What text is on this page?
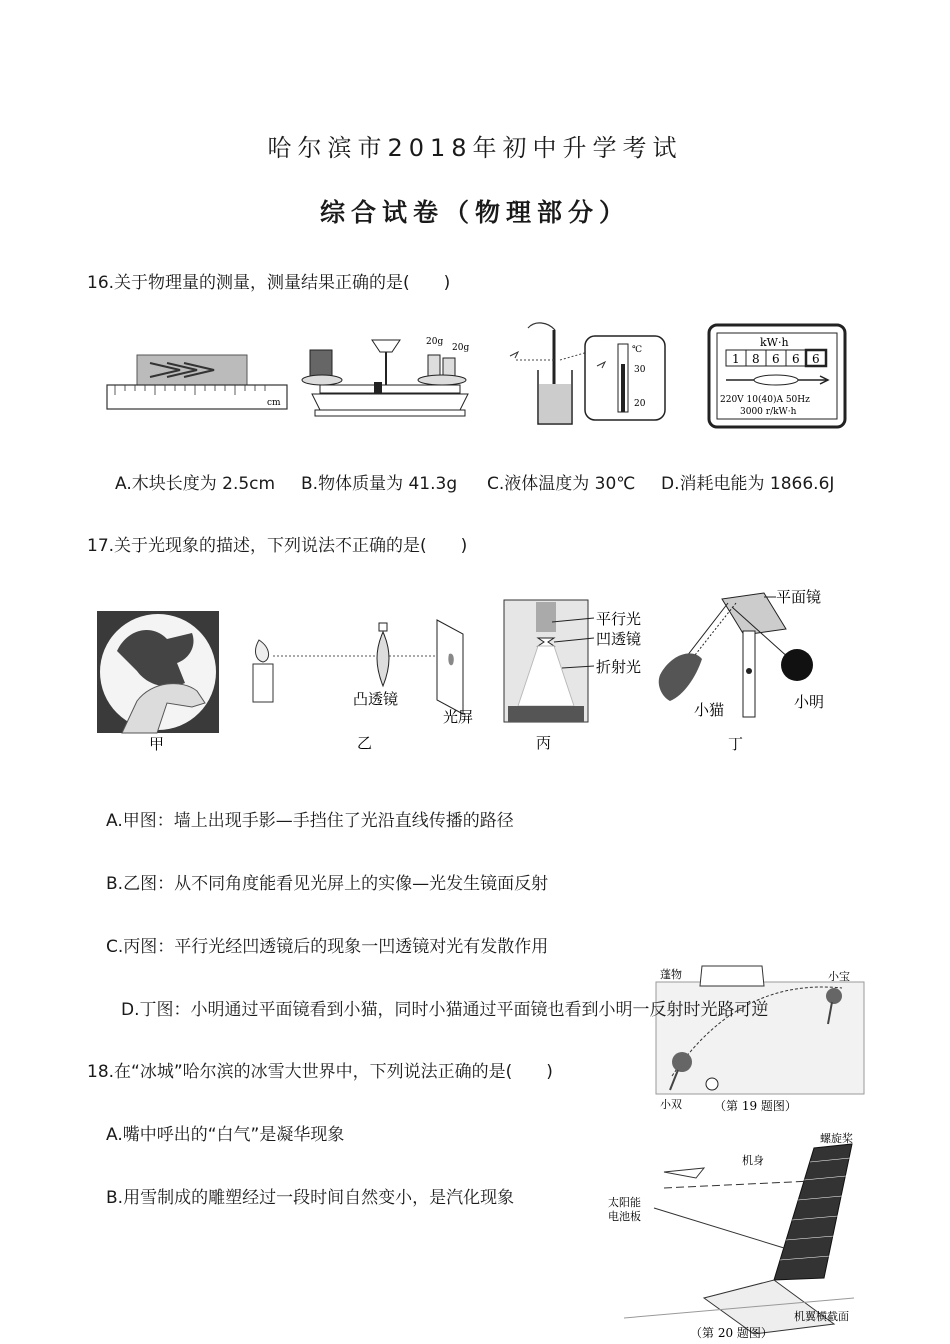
哈尔滨市2018年初中升学考试
综合试卷（物理部分）
16.关于物理量的测量，测量结果正确的是(　　)
cm
20g
20g	℃
30
20
kW·h
1 8 6 6 6
220V 10(40)A 50Hz
3000 r/kW·h
A.木块长度为 2.5cm B.物体质量为 41.3g C.液体温度为 30℃ D.消耗电能为 1866.6J
17.关于光现象的描述，下列说法不正确的是(　　)
甲
凸透镜
光屏
乙
平行光
凹透镜
折射光
丙
平面镜
小猫	小明
丁
A.甲图：墙上出现手影—手挡住了光沿直线传播的路径
B.乙图：从不同角度能看见光屏上的实像—光发生镜面反射
C.丙图：平行光经凹透镜后的现象一凹透镜对光有发散作用
蓬物	小宝
小双	（第 19 题图）
D.丁图：小明通过平面镜看到小猫，同时小猫通过平面镜也看到小明一反射时光路可逆
18.在“冰城”哈尔滨的冰雪大世界中，下列说法正确的是(　　)
A.嘴中呼出的“白气”是凝华现象
B.用雪制成的雕塑经过一段时间自然变小，是汽化现象
螺旋桨
机身
太阳能
电池板
机翼横截面
（第 20 题图）
